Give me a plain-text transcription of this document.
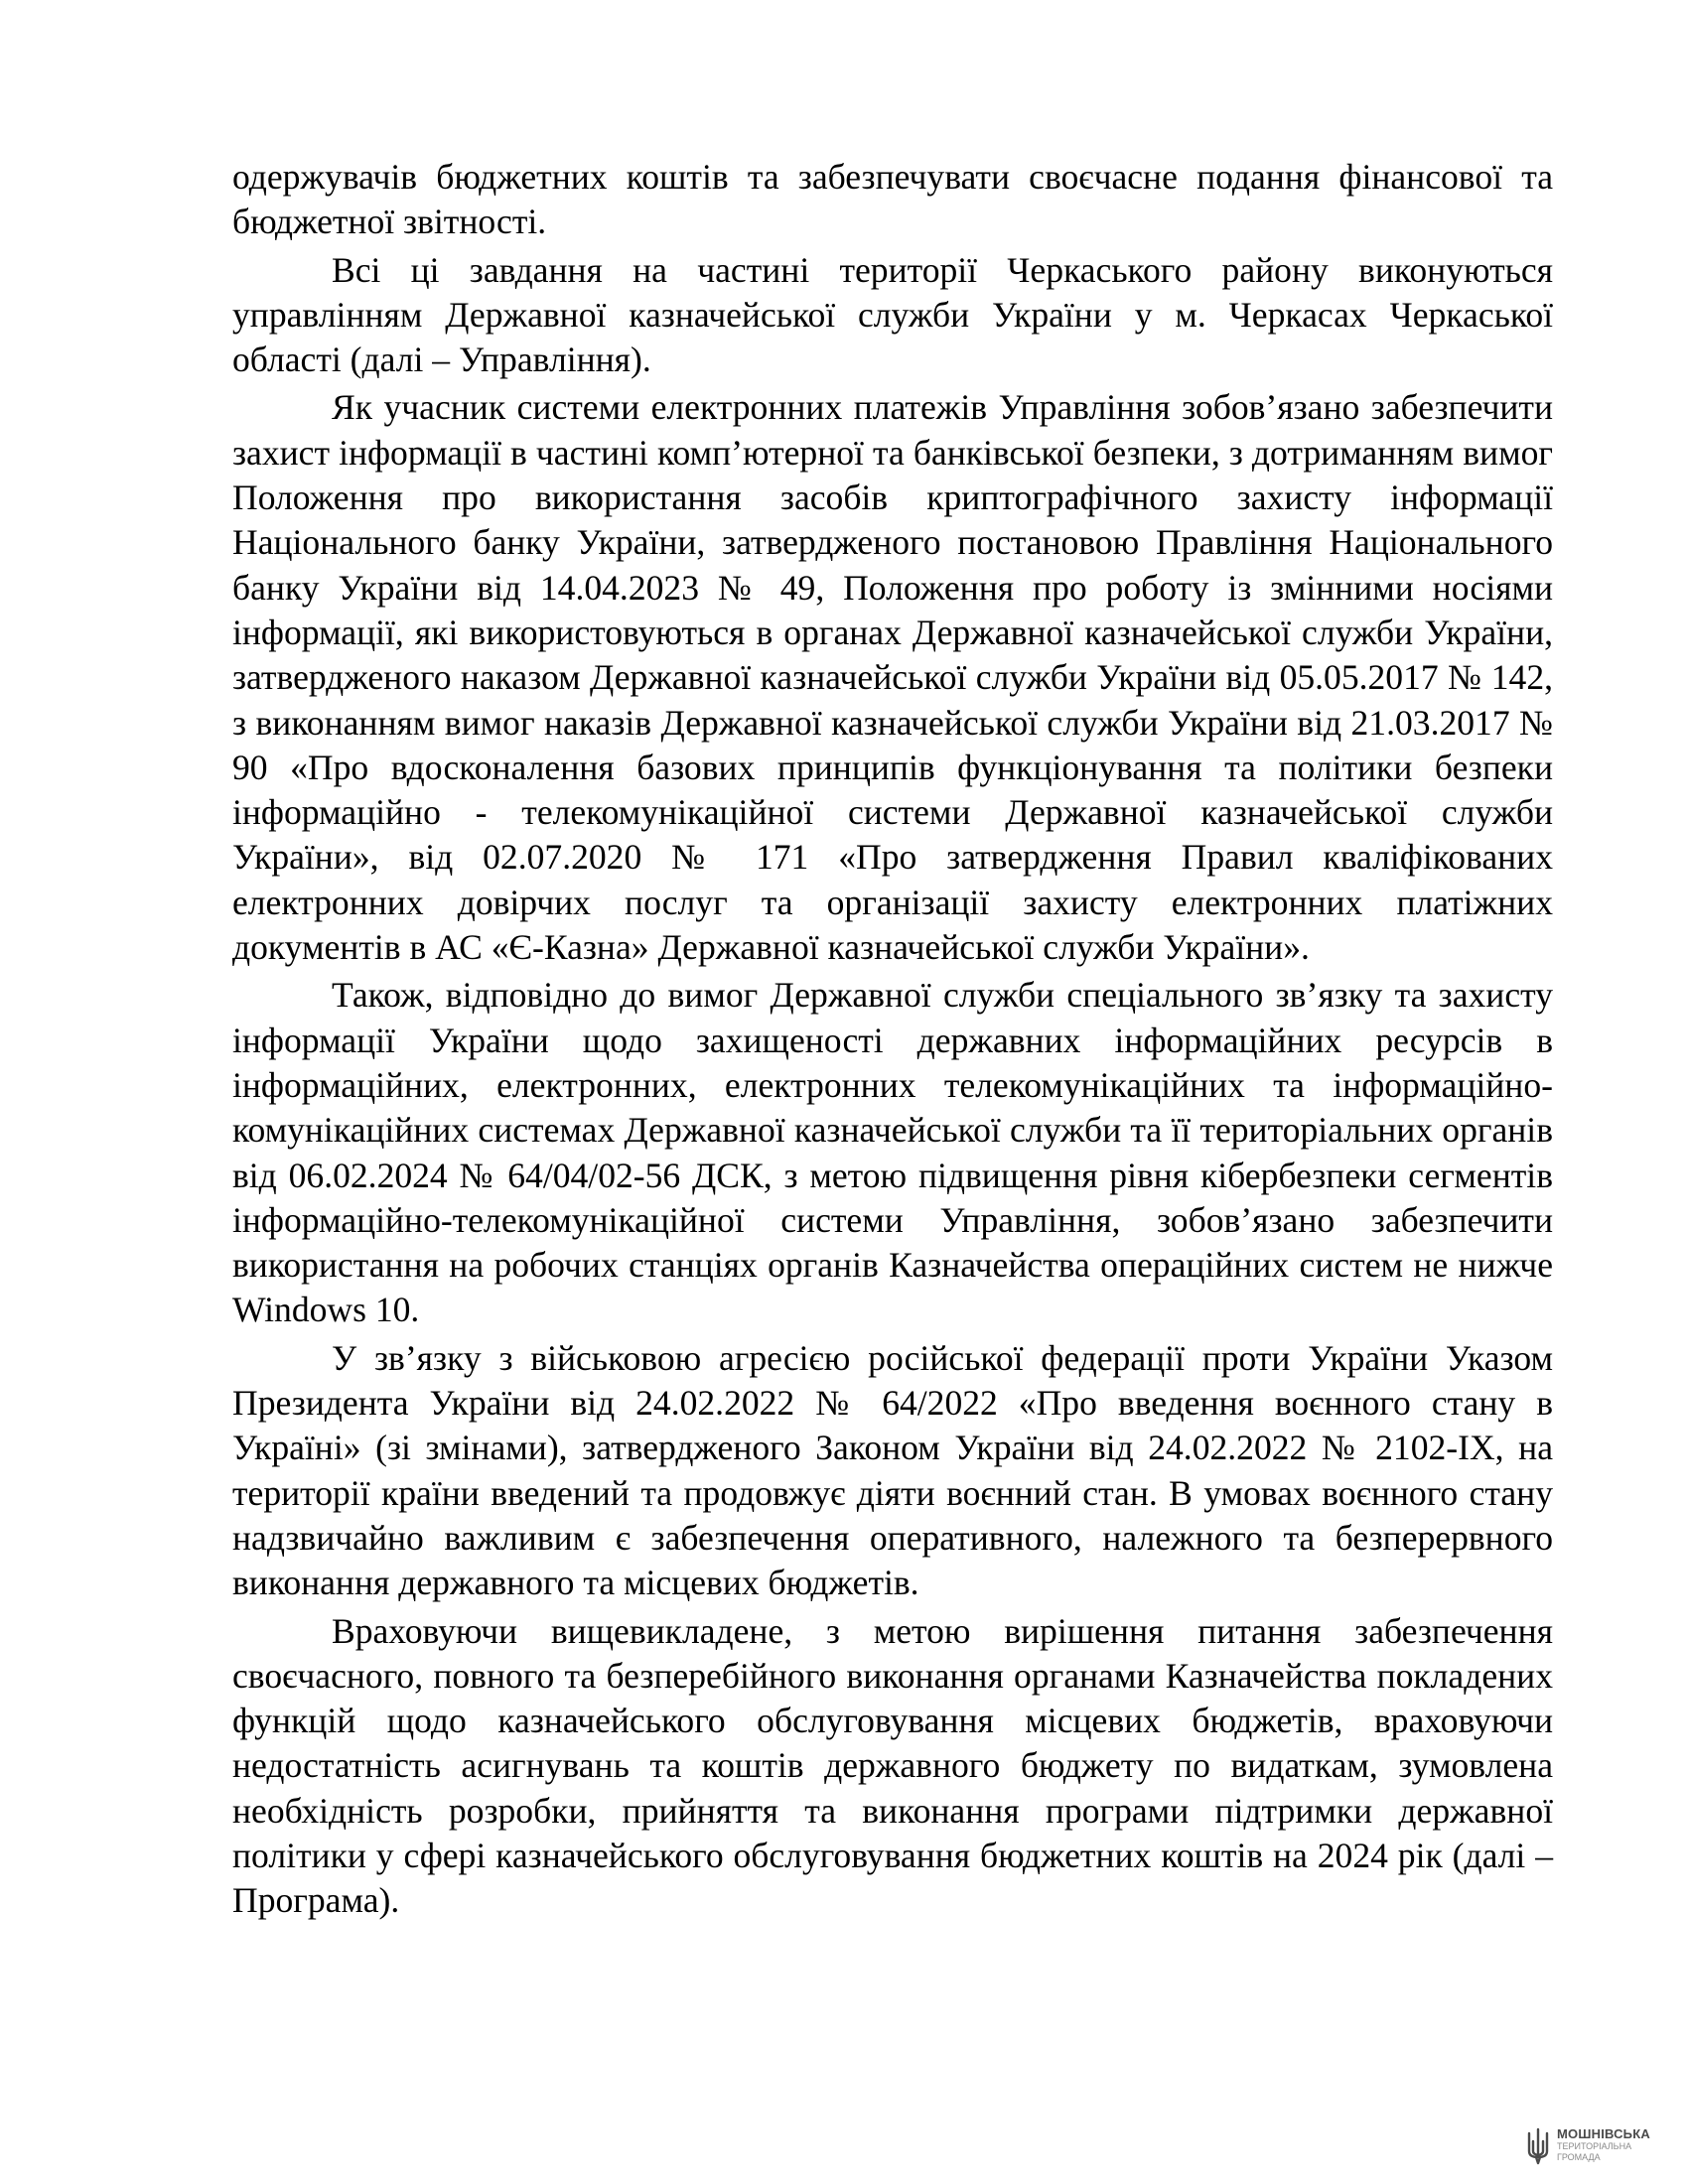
одержувачів бюджетних коштів та забезпечувати своєчасне подання фінансової та бюджетної звітності.

Всі ці завдання на частині території Черкаського району виконуються управлінням Державної казначейської служби України у м. Черкасах Черкаської області (далі – Управління).

Як учасник системи електронних платежів Управління зобов’язано забезпечити захист інформації в частині комп’ютерної та банківської безпеки, з дотриманням вимог Положення про використання засобів криптографічного захисту інформації Національного банку України, затвердженого постановою Правління Національного банку України від 14.04.2023 № 49, Положення про роботу із змінними носіями інформації, які використовуються в органах Державної казначейської служби України, затвердженого наказом Державної казначейської служби України від 05.05.2017 № 142, з виконанням вимог наказів Державної казначейської служби України від 21.03.2017 № 90 «Про вдосконалення базових принципів функціонування та політики безпеки інформаційно - телекомунікаційної системи Державної казначейської служби України», від 02.07.2020 № 171 «Про затвердження Правил кваліфікованих електронних довірчих послуг та організації захисту електронних платіжних документів в АС «Є-Казна» Державної казначейської служби України».

Також, відповідно до вимог Державної служби спеціального зв’язку та захисту інформації України щодо захищеності державних інформаційних ресурсів в інформаційних, електронних, електронних телекомунікаційних та інформаційно-комунікаційних системах Державної казначейської служби та її територіальних органів від 06.02.2024 № 64/04/02-56 ДСК, з метою підвищення рівня кібербезпеки сегментів інформаційно-телекомунікаційної системи Управління, зобов’язано забезпечити використання на робочих станціях органів Казначейства операційних систем не нижче Windows 10.

У зв’язку з військовою агресією російської федерації проти України Указом Президента України від 24.02.2022 № 64/2022 «Про введення воєнного стану в Україні» (зі змінами), затвердженого Законом України від 24.02.2022 № 2102-IX, на території країни введений та продовжує діяти воєнний стан. В умовах воєнного стану надзвичайно важливим є забезпечення оперативного, належного та безперервного виконання державного та місцевих бюджетів.

Враховуючи вищевикладене, з метою вирішення питання забезпечення своєчасного, повного та безперебійного виконання органами Казначейства покладених функцій щодо казначейського обслуговування місцевих бюджетів, враховуючи недостатність асигнувань та коштів державного бюджету по видаткам, зумовлена необхідність розробки, прийняття та виконання програми підтримки державної політики у сфері казначейського обслуговування бюджетних коштів на 2024 рік (далі – Програма).

МОШНІВСЬКА
ТЕРИТОРІАЛЬНА
ГРОМАДА
